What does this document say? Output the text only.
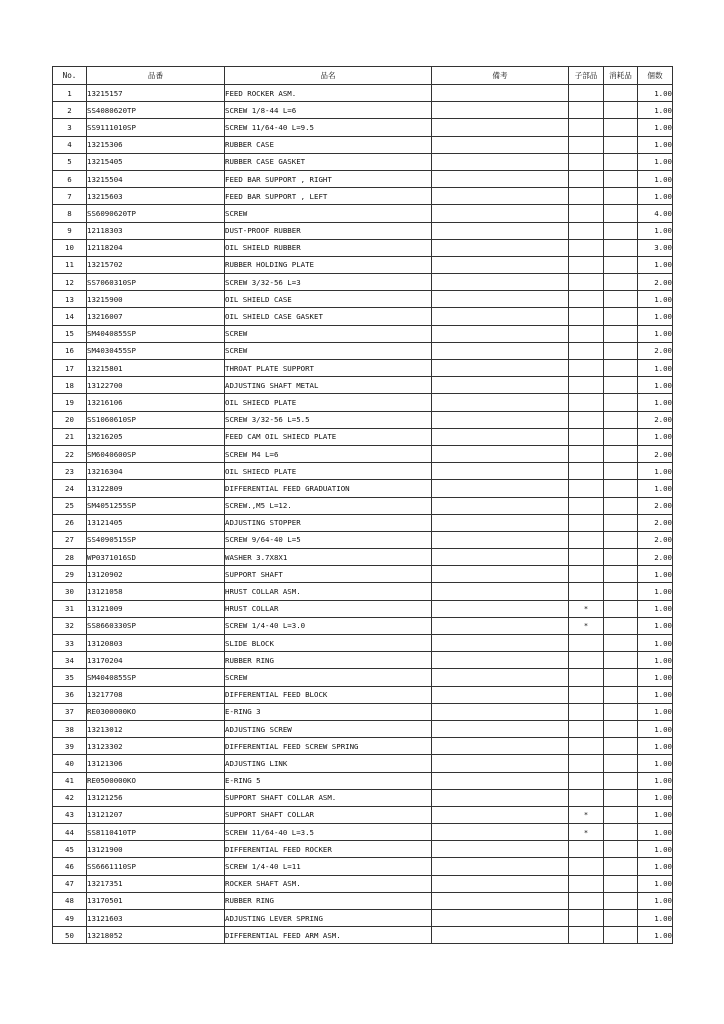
No.	品番	品名	備考	子部品	消耗品	個数
1	13215157	FEED ROCKER ASM.				1.00
2	SS4080620TP	SCREW 1/8-44 L=6				1.00
3	SS9111010SP	SCREW 11/64-40 L=9.5				1.00
4	13215306	RUBBER CASE				1.00
5	13215405	RUBBER CASE GASKET				1.00
6	13215504	FEED BAR SUPPORT , RIGHT				1.00
7	13215603	FEED BAR SUPPORT , LEFT				1.00
8	SS6090620TP	SCREW				4.00
9	12118303	DUST-PROOF RUBBER				1.00
10	12118204	OIL SHIELD RUBBER				3.00
11	13215702	RUBBER HOLDING PLATE				1.00
12	SS7060310SP	SCREW 3/32-56 L=3				2.00
13	13215900	OIL SHIELD CASE				1.00
14	13216007	OIL SHIELD CASE GASKET				1.00
15	SM4040855SP	SCREW				1.00
16	SM4030455SP	SCREW				2.00
17	13215801	THROAT PLATE SUPPORT				1.00
18	13122700	ADJUSTING SHAFT METAL				1.00
19	13216106	OIL SHIECD PLATE				1.00
20	SS1060610SP	SCREW 3/32-56 L=5.5				2.00
21	13216205	FEED CAM OIL SHIECD PLATE				1.00
22	SM6040600SP	SCREW M4 L=6				2.00
23	13216304	OIL SHIECD PLATE				1.00
24	13122809	DIFFERENTIAL FEED GRADUATION				1.00
25	SM4051255SP	SCREW.,M5 L=12.				2.00
26	13121405	ADJUSTING STOPPER				2.00
27	SS4090515SP	SCREW 9/64-40 L=5				2.00
28	WP0371016SD	WASHER 3.7X8X1				2.00
29	13120902	SUPPORT SHAFT				1.00
30	13121058	HRUST COLLAR ASM.				1.00
31	13121009	HRUST COLLAR		*		1.00
32	SS8660330SP	SCREW 1/4-40 L=3.0		*		1.00
33	13120803	SLIDE BLOCK				1.00
34	13170204	RUBBER RING				1.00
35	SM4040855SP	SCREW				1.00
36	13217708	DIFFERENTIAL FEED BLOCK				1.00
37	RE0300000KO	E-RING 3				1.00
38	13213012	ADJUSTING SCREW				1.00
39	13123302	DIFFERENTIAL FEED SCREW SPRING				1.00
40	13121306	ADJUSTING LINK				1.00
41	RE0500000KO	E-RING 5				1.00
42	13121256	SUPPORT SHAFT COLLAR ASM.				1.00
43	13121207	SUPPORT SHAFT COLLAR		*		1.00
44	SS8110410TP	SCREW 11/64-40 L=3.5		*		1.00
45	13121900	DIFFERENTIAL FEED ROCKER				1.00
46	SS6661110SP	SCREW 1/4-40 L=11				1.00
47	13217351	ROCKER SHAFT ASM.				1.00
48	13170501	RUBBER RING				1.00
49	13121603	ADJUSTING LEVER SPRING				1.00
50	13218052	DIFFERENTIAL FEED ARM ASM.				1.00
